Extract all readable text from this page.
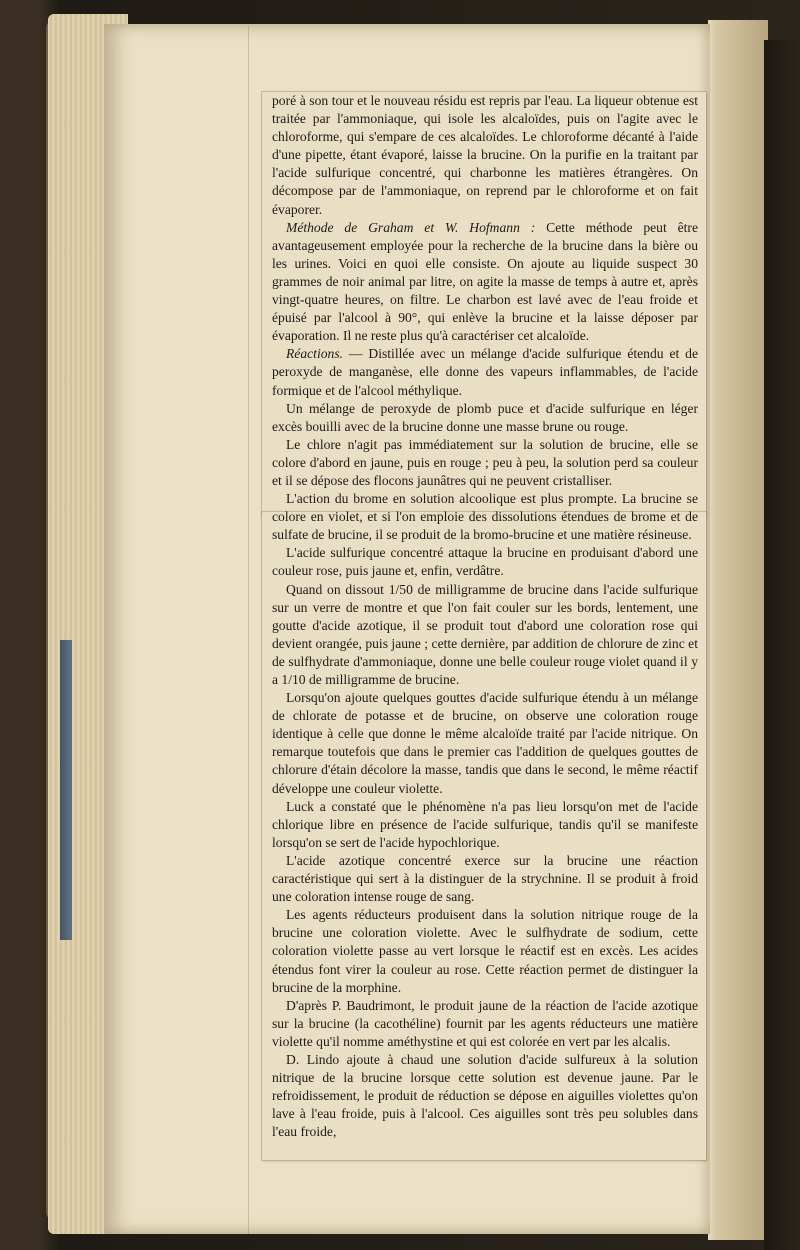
poré à son tour et le nouveau résidu est repris par l'eau. La liqueur obtenue est traitée par l'ammoniaque, qui isole les alcaloïdes, puis on l'agite avec le chloroforme, qui s'empare de ces alcaloïdes. Le chloroforme décanté à l'aide d'une pipette, étant évaporé, laisse la brucine. On la purifie en la traitant par l'acide sulfurique concentré, qui charbonne les matières étrangères. On décompose par de l'ammoniaque, on reprend par le chloroforme et on fait évaporer.

Méthode de Graham et W. Hofmann : Cette méthode peut être avantageusement employée pour la recherche de la brucine dans la bière ou les urines. Voici en quoi elle consiste. On ajoute au liquide suspect 30 grammes de noir animal par litre, on agite la masse de temps à autre et, après vingt-quatre heures, on filtre. Le charbon est lavé avec de l'eau froide et épuisé par l'alcool à 90°, qui enlève la brucine et la laisse déposer par évaporation. Il ne reste plus qu'à caractériser cet alcaloïde.

Réactions. — Distillée avec un mélange d'acide sulfurique étendu et de peroxyde de manganèse, elle donne des vapeurs inflammables, de l'acide formique et de l'alcool méthylique.

Un mélange de peroxyde de plomb puce et d'acide sulfurique en léger excès bouilli avec de la brucine donne une masse brune ou rouge.

Le chlore n'agit pas immédiatement sur la solution de brucine, elle se colore d'abord en jaune, puis en rouge ; peu à peu, la solution perd sa couleur et il se dépose des flocons jaunâtres qui ne peuvent cristalliser.

L'action du brome en solution alcoolique est plus prompte. La brucine se colore en violet, et si l'on emploie des dissolutions étendues de brome et de sulfate de brucine, il se produit de la bromo-brucine et une matière résineuse.

L'acide sulfurique concentré attaque la brucine en produisant d'abord une couleur rose, puis jaune et, enfin, verdâtre.

Quand on dissout 1/50 de milligramme de brucine dans l'acide sulfurique sur un verre de montre et que l'on fait couler sur les bords, lentement, une goutte d'acide azotique, il se produit tout d'abord une coloration rose qui devient orangée, puis jaune ; cette dernière, par addition de chlorure de zinc et de sulfhydrate d'ammoniaque, donne une belle couleur rouge violet quand il y a 1/10 de milligramme de brucine.

Lorsqu'on ajoute quelques gouttes d'acide sulfurique étendu à un mélange de chlorate de potasse et de brucine, on observe une coloration rouge identique à celle que donne le même alcaloïde traité par l'acide nitrique. On remarque toutefois que dans le premier cas l'addition de quelques gouttes de chlorure d'étain décolore la masse, tandis que dans le second, le même réactif développe une couleur violette.

Luck a constaté que le phénomène n'a pas lieu lorsqu'on met de l'acide chlorique libre en présence de l'acide sulfurique, tandis qu'il se manifeste lorsqu'on se sert de l'acide hypochlorique.

L'acide azotique concentré exerce sur la brucine une réaction caractéristique qui sert à la distinguer de la strychnine. Il se produit à froid une coloration intense rouge de sang.

Les agents réducteurs produisent dans la solution nitrique rouge de la brucine une coloration violette. Avec le sulfhydrate de sodium, cette coloration violette passe au vert lorsque le réactif est en excès. Les acides étendus font virer la couleur au rose. Cette réaction permet de distinguer la brucine de la morphine.

D'après P. Baudrimont, le produit jaune de la réaction de l'acide azotique sur la brucine (la cacothéline) fournit par les agents réducteurs une matière violette qu'il nomme améthystine et qui est colorée en vert par les alcalis.

D. Lindo ajoute à chaud une solution d'acide sulfureux à la solution nitrique de la brucine lorsque cette solution est devenue jaune. Par le refroidissement, le produit de réduction se dépose en aiguilles violettes qu'on lave à l'eau froide, puis à l'alcool. Ces aiguilles sont très peu solubles dans l'eau froide,
